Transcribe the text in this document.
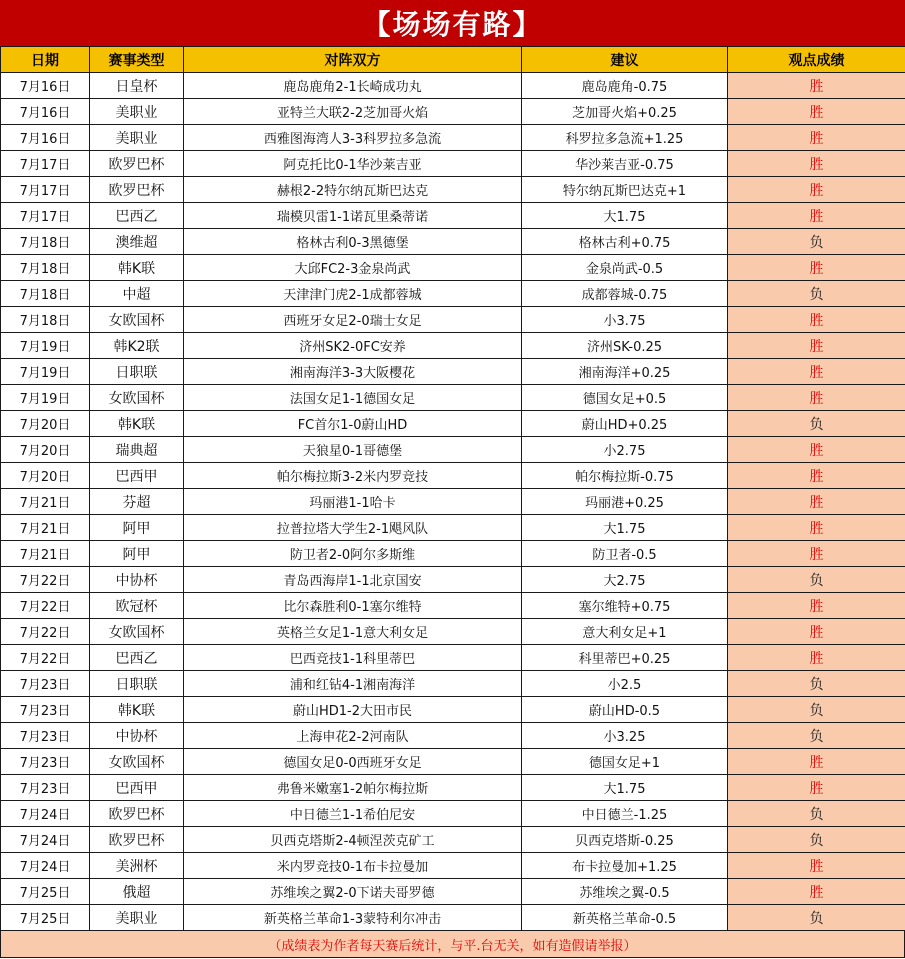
【场场有路】
日期	赛事类型	对阵双方	建议	观点成绩
7月16日	日皇杯	鹿岛鹿角2-1长崎成功丸	鹿岛鹿角-0.75	胜
7月16日	美职业	亚特兰大联2-2芝加哥火焰	芝加哥火焰+0.25	胜
7月16日	美职业	西雅图海湾人3-3科罗拉多急流	科罗拉多急流+1.25	胜
7月17日	欧罗巴杯	阿克托比0-1华沙莱吉亚	华沙莱吉亚-0.75	胜
7月17日	欧罗巴杯	赫根2-2特尔纳瓦斯巴达克	特尔纳瓦斯巴达克+1	胜
7月17日	巴西乙	瑞模贝雷1-1诺瓦里桑蒂诺	大1.75	胜
7月18日	澳维超	格林古利0-3黑德堡	格林古利+0.75	负
7月18日	韩K联	大邱FC2-3金泉尚武	金泉尚武-0.5	胜
7月18日	中超	天津津门虎2-1成都蓉城	成都蓉城-0.75	负
7月18日	女欧国杯	西班牙女足2-0瑞士女足	小3.75	胜
7月19日	韩K2联	济州SK2-0FC安养	济州SK-0.25	胜
7月19日	日职联	湘南海洋3-3大阪樱花	湘南海洋+0.25	胜
7月19日	女欧国杯	法国女足1-1德国女足	德国女足+0.5	胜
7月20日	韩K联	FC首尔1-0蔚山HD	蔚山HD+0.25	负
7月20日	瑞典超	天狼星0-1哥德堡	小2.75	胜
7月20日	巴西甲	帕尔梅拉斯3-2米内罗竞技	帕尔梅拉斯-0.75	胜
7月21日	芬超	玛丽港1-1哈卡	玛丽港+0.25	胜
7月21日	阿甲	拉普拉塔大学生2-1飓风队	大1.75	胜
7月21日	阿甲	防卫者2-0阿尔多斯维	防卫者-0.5	胜
7月22日	中协杯	青岛西海岸1-1北京国安	大2.75	负
7月22日	欧冠杯	比尔森胜利0-1塞尔维特	塞尔维特+0.75	胜
7月22日	女欧国杯	英格兰女足1-1意大利女足	意大利女足+1	胜
7月22日	巴西乙	巴西竞技1-1科里蒂巴	科里蒂巴+0.25	胜
7月23日	日职联	浦和红钻4-1湘南海洋	小2.5	负
7月23日	韩K联	蔚山HD1-2大田市民	蔚山HD-0.5	负
7月23日	中协杯	上海申花2-2河南队	小3.25	负
7月23日	女欧国杯	德国女足0-0西班牙女足	德国女足+1	胜
7月23日	巴西甲	弗鲁米嫩塞1-2帕尔梅拉斯	大1.75	胜
7月24日	欧罗巴杯	中日德兰1-1希伯尼安	中日德兰-1.25	负
7月24日	欧罗巴杯	贝西克塔斯2-4顿涅茨克矿工	贝西克塔斯-0.25	负
7月24日	美洲杯	米内罗竞技0-1布卡拉曼加	布卡拉曼加+1.25	胜
7月25日	俄超	苏维埃之翼2-0下诺夫哥罗德	苏维埃之翼-0.5	胜
7月25日	美职业	新英格兰革命1-3蒙特利尔冲击	新英格兰革命-0.5	负
（成绩表为作者每天赛后统计，与平.台无关，如有造假请举报）
